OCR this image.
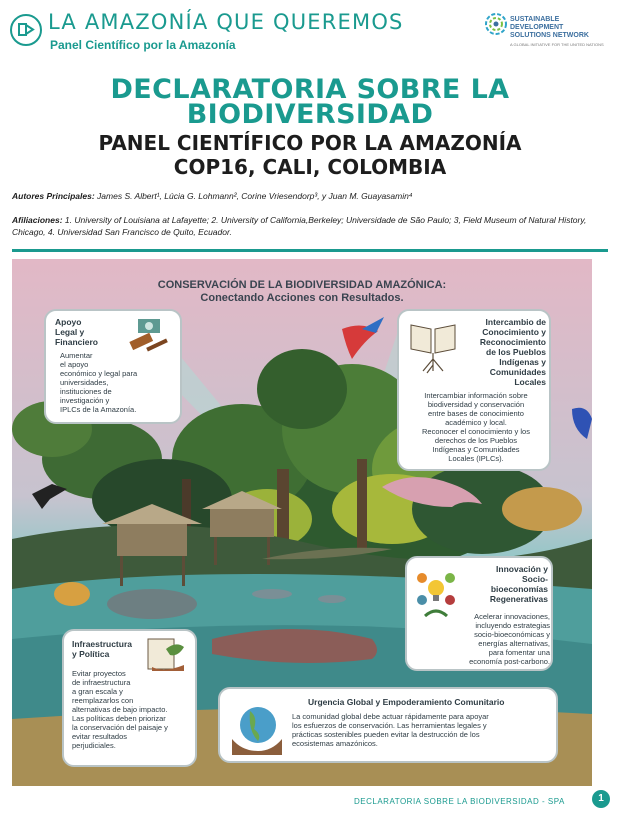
LA AMAZONÍA QUE QUEREMOS
Panel Científico por la Amazonía
SUSTAINABLE DEVELOPMENT
SOLUTIONS NETWORK
A GLOBAL INITIATIVE FOR THE UNITED NATIONS
DECLARATORIA SOBRE LA
BIODIVERSIDAD
PANEL CIENTÍFICO POR LA AMAZONÍA
COP16, CALI, COLOMBIA
Autores Principales: James S. Albert¹, Lúcia G. Lohmann², Corine Vriesendorp³, y Juan M. Guayasamin⁴
Afiliaciones: 1. University of Louisiana at Lafayette; 2. University of California,Berkeley; Universidade de São Paulo; 3, Field Museum of Natural History, Chicago, 4. Universidad San Francisco de Quito, Ecuador.
CONSERVACIÓN DE LA BIODIVERSIDAD AMAZÓNICA:
Conectando Acciones con Resultados.
Apoyo
Legal y
Financiero
Aumentar
el apoyo
económico y legal para
universidades,
instituciones de
investigación y
IPLCs de la Amazonía.
Intercambio de
Conocimiento y
Reconocimiento
de los Pueblos
Indígenas y
Comunidades
Locales
Intercambiar información sobre
biodiversidad y conservación
entre bases de conocimiento
académico y local.
Reconocer el conocimiento y los
derechos de los Pueblos
Indígenas y Comunidades
Locales (IPLCs).
Innovación y
Socio-
bioeconomías
Regenerativas
Acelerar innovaciones,
incluyendo estrategias
socio-bioeconómicas y
energías alternativas,
para fomentar una
economía post-carbono.
Infraestructura
y Política
Evitar proyectos
de infraestructura
a gran escala y
reemplazarlos con
alternativas de bajo impacto.
Las políticas deben priorizar
la conservación del paisaje y
evitar resultados
perjudiciales.
Urgencia Global y Empoderamiento Comunitario
La comunidad global debe actuar rápidamente para apoyar
los esfuerzos de conservación. Las herramientas legales y
prácticas sostenibles pueden evitar la destrucción de los
ecosistemas amazónicos.
DECLARATORIA SOBRE LA BIODIVERSIDAD - SPA	1
